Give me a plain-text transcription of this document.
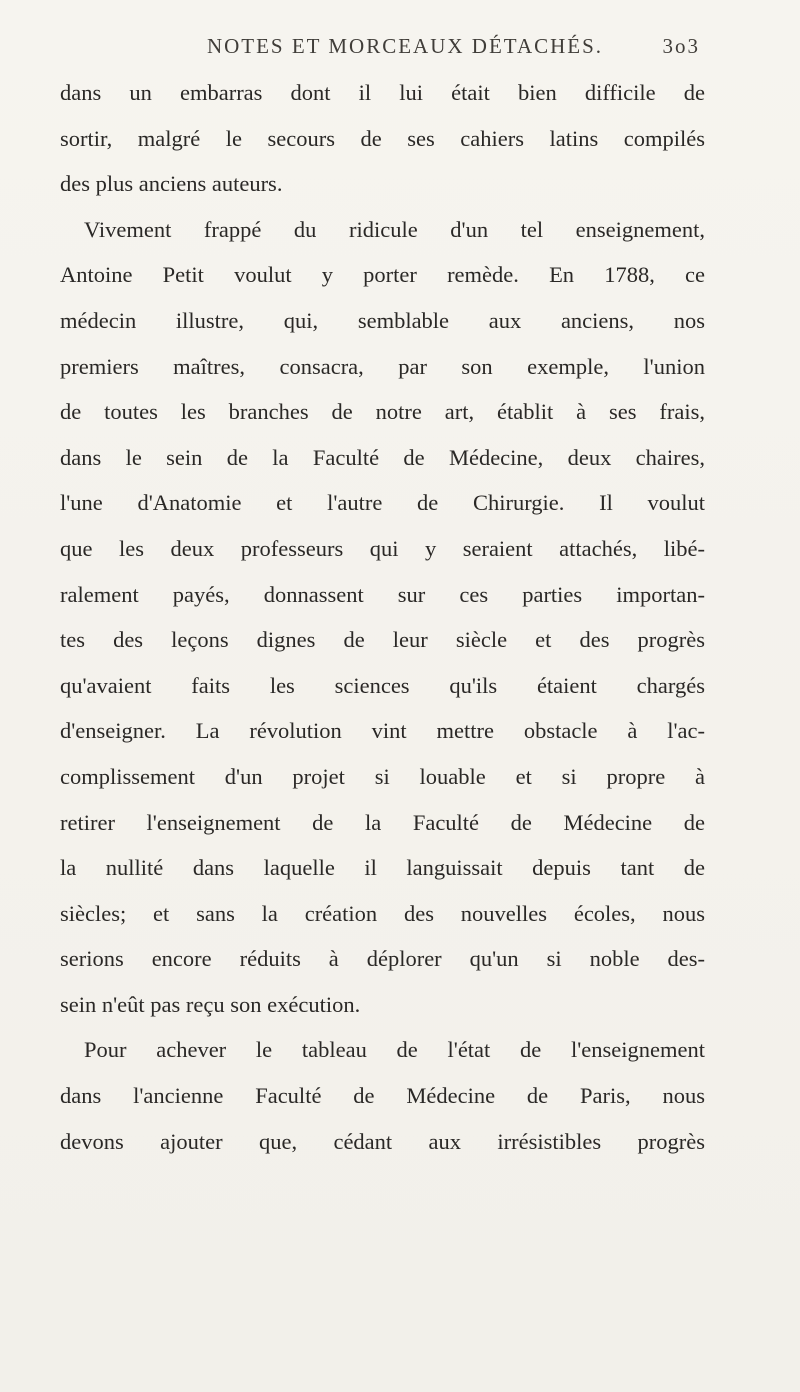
NOTES ET MORCEAUX DÉTACHÉS.	3o3
dans un embarras dont il lui était bien difficile de
sortir, malgré le secours de ses cahiers latins compilés
des plus anciens auteurs.
Vivement frappé du ridicule d'un tel enseignement,
Antoine Petit voulut y porter remède. En 1788, ce
médecin illustre, qui, semblable aux anciens, nos
premiers maîtres, consacra, par son exemple, l'union
de toutes les branches de notre art, établit à ses frais,
dans le sein de la Faculté de Médecine, deux chaires,
l'une d'Anatomie et l'autre de Chirurgie. Il voulut
que les deux professeurs qui y seraient attachés, libé-
ralement payés, donnassent sur ces parties importan-
tes des leçons dignes de leur siècle et des progrès
qu'avaient faits les sciences qu'ils étaient chargés
d'enseigner. La révolution vint mettre obstacle à l'ac-
complissement d'un projet si louable et si propre à
retirer l'enseignement de la Faculté de Médecine de
la nullité dans laquelle il languissait depuis tant de
siècles; et sans la création des nouvelles écoles, nous
serions encore réduits à déplorer qu'un si noble des-
sein n'eût pas reçu son exécution.
Pour achever le tableau de l'état de l'enseignement
dans l'ancienne Faculté de Médecine de Paris, nous
devons ajouter que, cédant aux irrésistibles progrès
